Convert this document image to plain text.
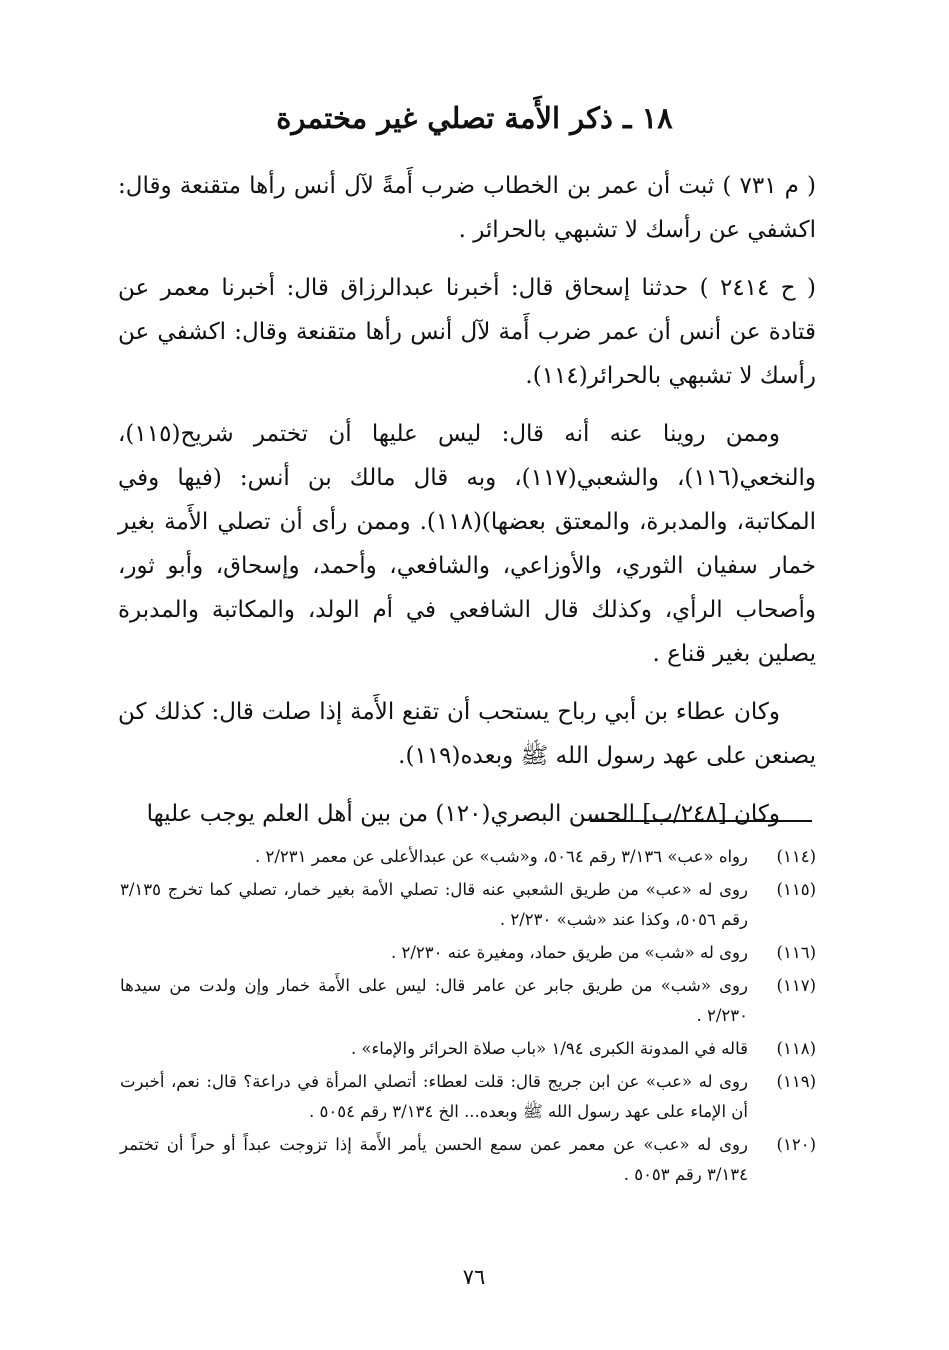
١٨ ـ ذكر الأَمة تصلي غير مختمرة

( م ٧٣١ ) ثبت أن عمر بن الخطاب ضرب أَمةً لآل أنس رأها متقنعة وقال: اكشفي عن رأسك لا تشبهي بالحرائر .

( ح ٢٤١٤ ) حدثنا إسحاق قال: أخبرنا عبدالرزاق قال: أخبرنا معمر عن قتادة عن أنس أن عمر ضرب أَمة لآل أنس رأها متقنعة وقال: اكشفي عن رأسك لا تشبهي بالحرائر(١١٤).

وممن روينا عنه أنه قال: ليس عليها أن تختمر شريح(١١٥)، والنخعي(١١٦)، والشعبي(١١٧)، وبه قال مالك بن أنس: (فيها وفي المكاتبة، والمدبرة، والمعتق بعضها)(١١٨). وممن رأى أن تصلي الأَمة بغير خمار سفيان الثوري، والأوزاعي، والشافعي، وأحمد، وإسحاق، وأبو ثور، وأصحاب الرأي، وكذلك قال الشافعي في أم الولد، والمكاتبة والمدبرة يصلين بغير قناع .

وكان عطاء بن أبي رباح يستحب أن تقنع الأَمة إذا صلت قال: كذلك كن يصنعن على عهد رسول الله ﷺ وبعده(١١٩).

وكان [٢٤٨/ب] الحسن البصري(١٢٠) من بين أهل العلم يوجب عليها

(١١٤)
رواه «عب» ٣/١٣٦ رقم ٥٠٦٤، و«شب» عن عبدالأعلى عن معمر ٢/٢٣١ .
(١١٥)
روى له «عب» من طريق الشعبي عنه قال: تصلي الأمة بغير خمار، تصلي كما تخرج ٣/١٣٥ رقم ٥٠٥٦، وكذا عند «شب» ٢/٢٣٠ .
(١١٦)
روى له «شب» من طريق حماد، ومغيرة عنه ٢/٢٣٠ .
(١١٧)
روى «شب» من طريق جابر عن عامر قال: ليس على الأَمة خمار وإن ولدت من سيدها ٢/٢٣٠ .
(١١٨)
قاله في المدونة الكبرى ١/٩٤ «باب صلاة الحرائر والإماء» .
(١١٩)
روى له «عب» عن ابن جريج قال: قلت لعطاء: أتصلي المرأة في دراعة؟ قال: نعم، أخبرت أن الإماء على عهد رسول الله ﷺ وبعده... الخ ٣/١٣٤ رقم ٥٠٥٤ .
(١٢٠)
روى له «عب» عن معمر عمن سمع الحسن يأمر الأَمة إذا تزوجت عبداً أو حراً أن تختمر ٣/١٣٤ رقم ٥٠٥٣ .
٧٦
